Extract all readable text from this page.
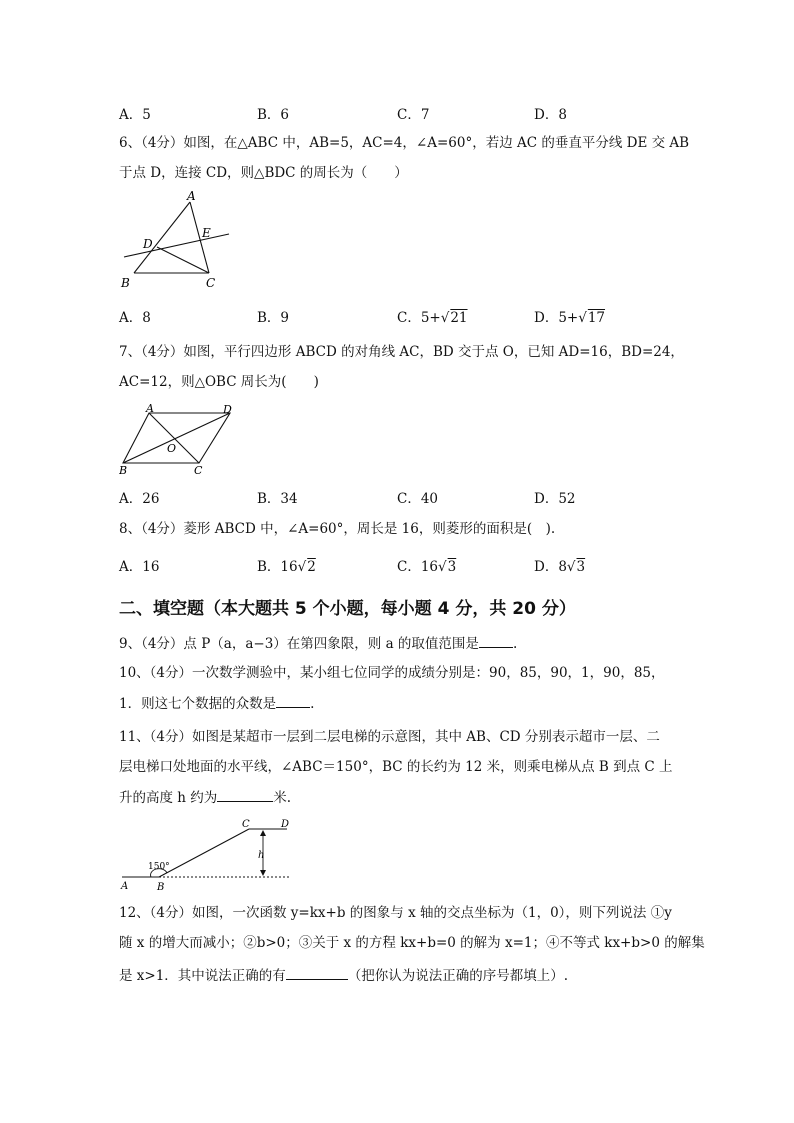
A．5	B．6	C．7	D．8
6、（4分）如图，在△ABC 中，AB=5，AC=4，∠A=60°，若边 AC 的垂直平分线 DE 交 AB
于点 D，连接 CD，则△BDC 的周长为（　　）
A
B	C
D
E
A．8	B．9	C．5+√21	D．5+√17
7、（4分）如图，平行四边形 ABCD 的对角线 AC，BD 交于点 O，已知 AD=16，BD=24，
AC=12，则△OBC 周长为(　　)
A	D
B	C
O
A．26	B．34	C．40	D．52
8、（4分）菱形 ABCD 中，∠A=60°，周长是 16，则菱形的面积是(　).
A．16	B．16√2	C．16√3	D．8√3
二、填空题（本大题共 5 个小题，每小题 4 分，共 20 分）
9、（4分）点 P（a，a−3）在第四象限，则 a 的取值范围是	.
10、（4分）一次数学测验中，某小组七位同学的成绩分别是：90，85，90，1，90，85，
1．则这七个数据的众数是	.
11、（4分）如图是某超市一层到二层电梯的示意图，其中 AB、CD 分别表示超市一层、二
层电梯口处地面的水平线，∠ABC＝150°，BC 的长约为 12 米，则乘电梯从点 B 到点 C 上
升的高度 h 约为	米.
150°
A	B
C	D
h
12、（4分）如图，一次函数 y=kx+b 的图象与 x 轴的交点坐标为（1，0），则下列说法 ①y
随 x 的增大而减小；②b>0；③关于 x 的方程 kx+b=0 的解为 x=1；④不等式 kx+b>0 的解集
是 x>1．其中说法正确的有	（把你认为说法正确的序号都填上）.
